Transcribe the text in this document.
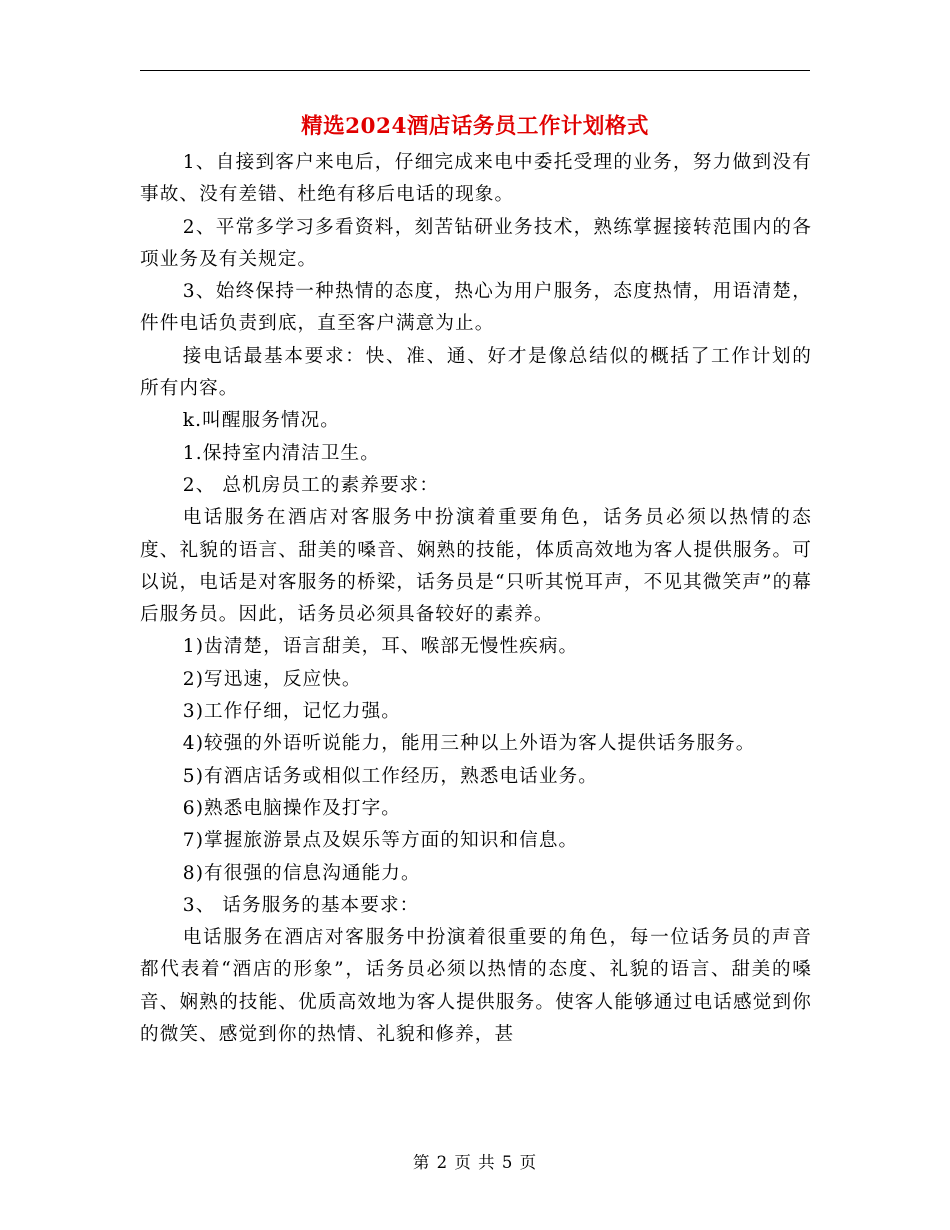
精选2024酒店话务员工作计划格式

1、自接到客户来电后，仔细完成来电中委托受理的业务，努力做到没有事故、没有差错、杜绝有移后电话的现象。

2、平常多学习多看资料，刻苦钻研业务技术，熟练掌握接转范围内的各项业务及有关规定。

3、始终保持一种热情的态度，热心为用户服务，态度热情，用语清楚，件件电话负责到底，直至客户满意为止。

接电话最基本要求：快、准、通、好才是像总结似的概括了工作计划的所有内容。

k.叫醒服务情况。

1.保持室内清洁卫生。

2、 总机房员工的素养要求：

电话服务在酒店对客服务中扮演着重要角色，话务员必须以热情的态度、礼貌的语言、甜美的嗓音、娴熟的技能，体质高效地为客人提供服务。可以说，电话是对客服务的桥梁，话务员是“只听其悦耳声，不见其微笑声”的幕后服务员。因此，话务员必须具备较好的素养。

1)齿清楚，语言甜美，耳、喉部无慢性疾病。

2)写迅速，反应快。

3)工作仔细，记忆力强。

4)较强的外语听说能力，能用三种以上外语为客人提供话务服务。

5)有酒店话务或相似工作经历，熟悉电话业务。

6)熟悉电脑操作及打字。

7)掌握旅游景点及娱乐等方面的知识和信息。

8)有很强的信息沟通能力。

3、 话务服务的基本要求：

电话服务在酒店对客服务中扮演着很重要的角色，每一位话务员的声音都代表着“酒店的形象”，话务员必须以热情的态度、礼貌的语言、甜美的嗓音、娴熟的技能、优质高效地为客人提供服务。使客人能够通过电话感觉到你的微笑、感觉到你的热情、礼貌和修养，甚

第 2 页 共 5 页
